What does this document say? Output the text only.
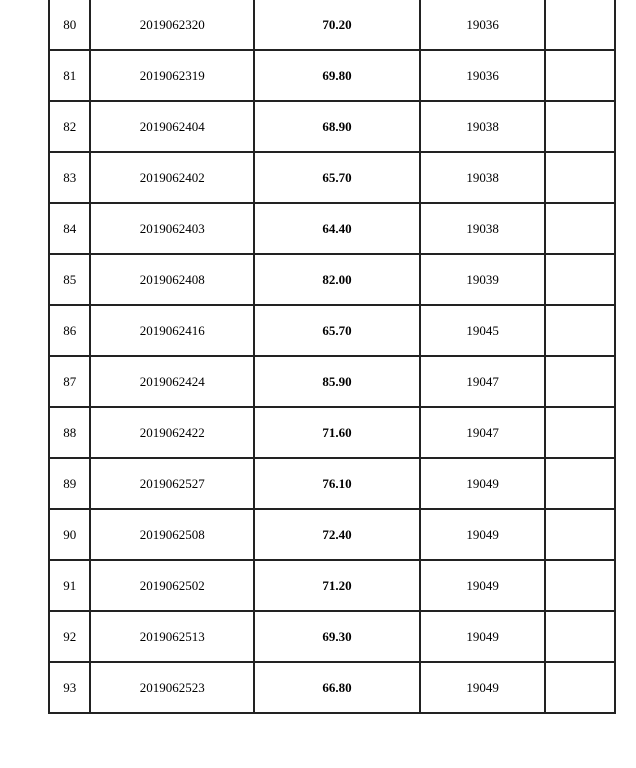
80	2019062320	70.20	19036	
81	2019062319	69.80	19036	
82	2019062404	68.90	19038	
83	2019062402	65.70	19038	
84	2019062403	64.40	19038	
85	2019062408	82.00	19039	
86	2019062416	65.70	19045	
87	2019062424	85.90	19047	
88	2019062422	71.60	19047	
89	2019062527	76.10	19049	
90	2019062508	72.40	19049	
91	2019062502	71.20	19049	
92	2019062513	69.30	19049	
93	2019062523	66.80	19049	
